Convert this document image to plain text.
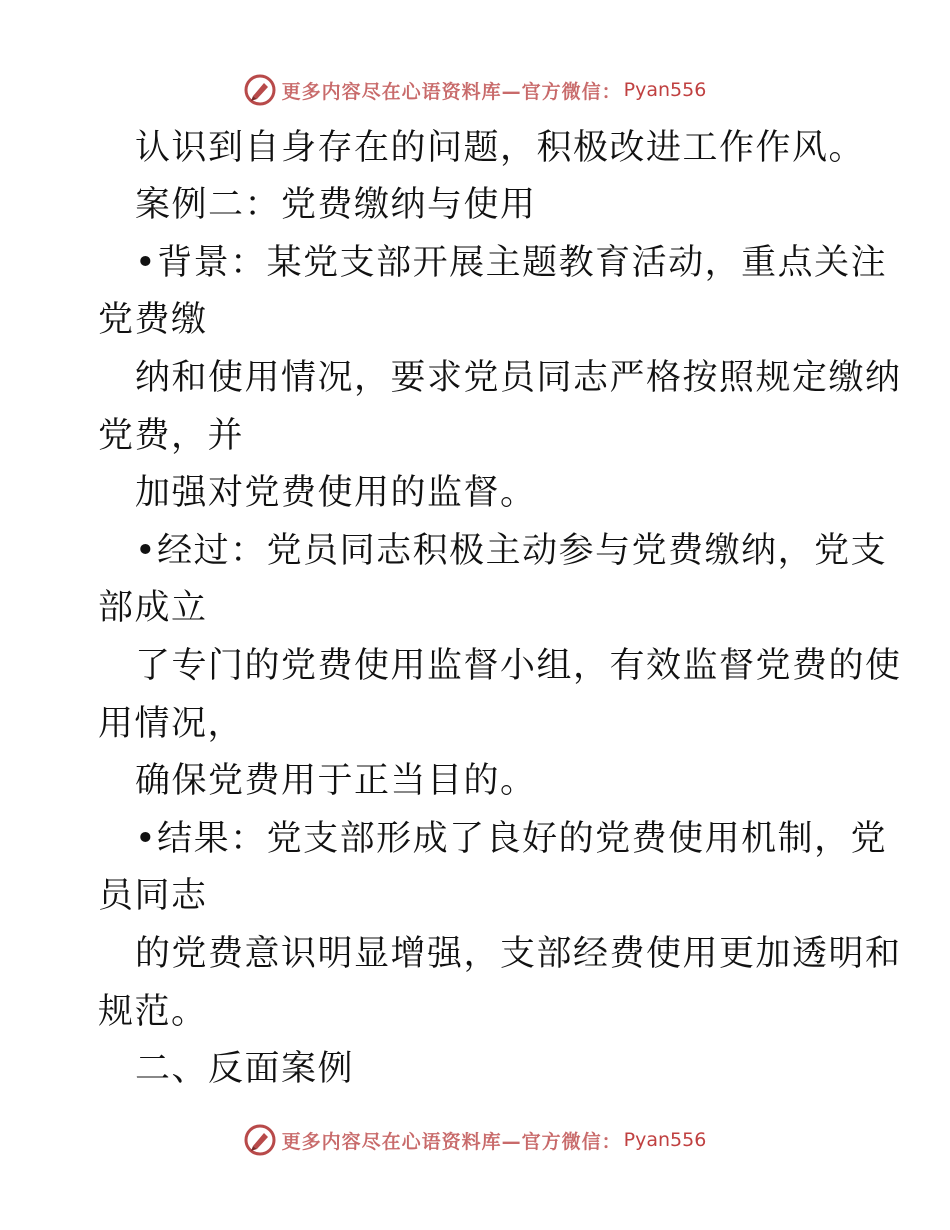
更多内容尽在心语资料库—官方微信： Pyan556
认识到自身存在的问题，积极改进工作作风。
案例二：党费缴纳与使用
•背景：某党支部开展主题教育活动，重点关注
党费缴
纳和使用情况，要求党员同志严格按照规定缴纳
党费，并
加强对党费使用的监督。
•经过：党员同志积极主动参与党费缴纳，党支
部成立
了专门的党费使用监督小组，有效监督党费的使
用情况，
确保党费用于正当目的。
•结果：党支部形成了良好的党费使用机制，党
员同志
的党费意识明显增强，支部经费使用更加透明和
规范。
二、反面案例
更多内容尽在心语资料库—官方微信： Pyan556
